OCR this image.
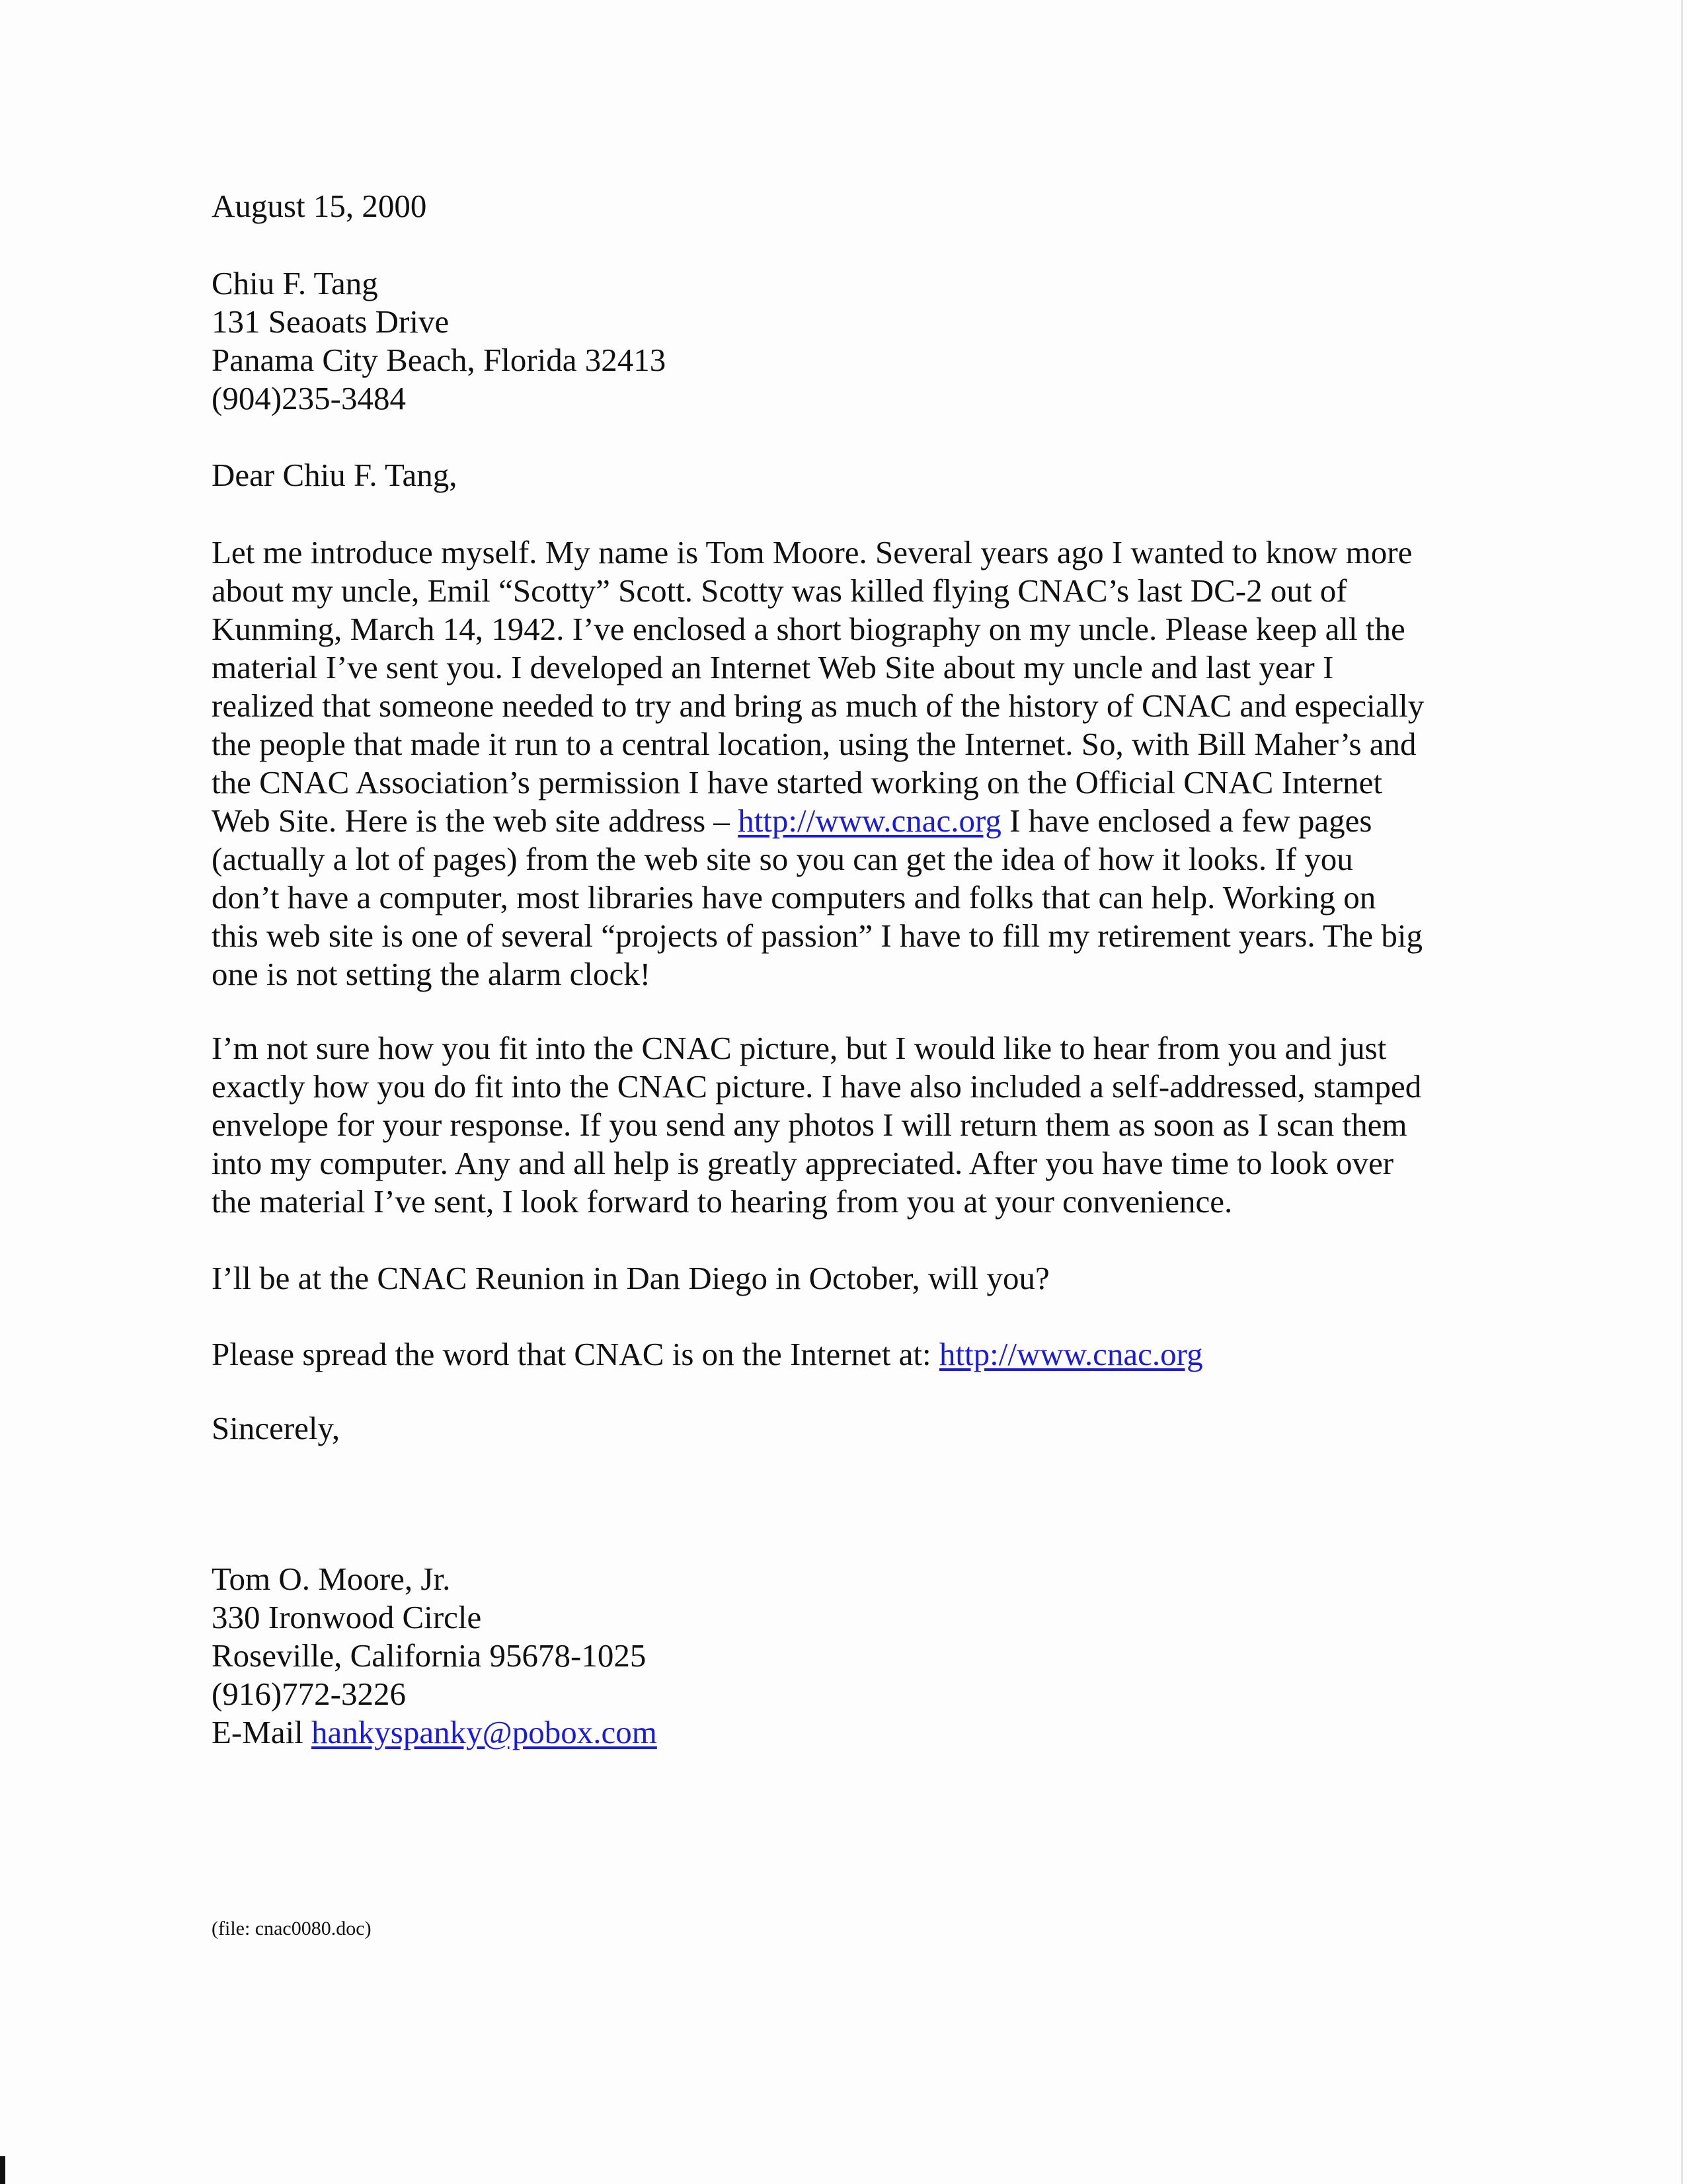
August 15, 2000
Chiu F. Tang
131 Seaoats Drive
Panama City Beach, Florida 32413
(904)235-3484
Dear Chiu F. Tang,
Let me introduce myself. My name is Tom Moore. Several years ago I wanted to know more
about my uncle, Emil “Scotty” Scott. Scotty was killed flying CNAC’s last DC-2 out of
Kunming, March 14, 1942. I’ve enclosed a short biography on my uncle. Please keep all the
material I’ve sent you. I developed an Internet Web Site about my uncle and last year I
realized that someone needed to try and bring as much of the history of CNAC and especially
the people that made it run to a central location, using the Internet. So, with Bill Maher’s and
the CNAC Association’s permission I have started working on the Official CNAC Internet
Web Site. Here is the web site address – http://www.cnac.org I have enclosed a few pages
(actually a lot of pages) from the web site so you can get the idea of how it looks. If you
don’t have a computer, most libraries have computers and folks that can help. Working on
this web site is one of several “projects of passion” I have to fill my retirement years. The big
one is not setting the alarm clock!
I’m not sure how you fit into the CNAC picture, but I would like to hear from you and just
exactly how you do fit into the CNAC picture. I have also included a self-addressed, stamped
envelope for your response. If you send any photos I will return them as soon as I scan them
into my computer. Any and all help is greatly appreciated. After you have time to look over
the material I’ve sent, I look forward to hearing from you at your convenience.
I’ll be at the CNAC Reunion in Dan Diego in October, will you?
Please spread the word that CNAC is on the Internet at: http://www.cnac.org
Sincerely,
Tom O. Moore, Jr.
330 Ironwood Circle
Roseville, California 95678-1025
(916)772-3226
E-Mail hankyspanky@pobox.com
(file: cnac0080.doc)
